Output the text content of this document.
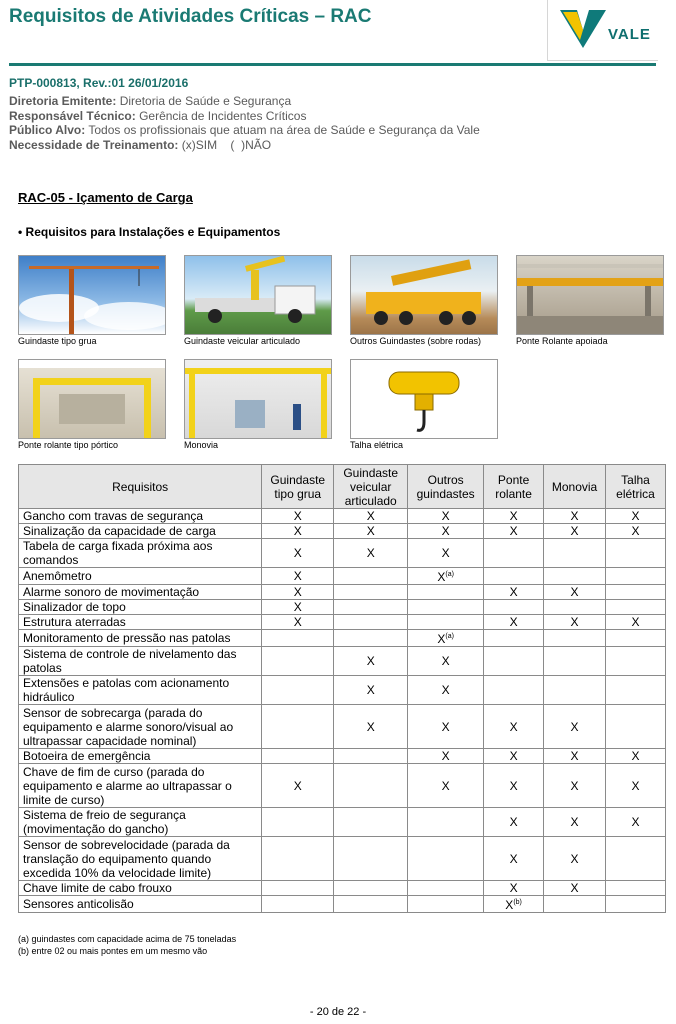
Requisitos de Atividades Críticas – RAC
VALE
PTP-000813, Rev.:01 26/01/2016
Diretoria Emitente: Diretoria de Saúde e Segurança
Responsável Técnico: Gerência de Incidentes Críticos
Público Alvo: Todos os profissionais que atuam na área de Saúde e Segurança da Vale
Necessidade de Treinamento: (x)SIM    (  )NÃO
RAC-05 - Içamento de Carga
• Requisitos para Instalações e Equipamentos
Guindaste tipo grua	Guindaste veicular articulado	Outros Guindastes (sobre rodas)	Ponte Rolante apoiada
Ponte rolante tipo pórtico	Monovia	Talha elétrica
Requisitos	Guindaste tipo grua	Guindaste veicular articulado	Outros guindastes	Ponte rolante	Monovia	Talha elétrica
Gancho com travas de segurança	X	X	X	X	X	X
Sinalização da capacidade de carga	X	X	X	X	X	X
Tabela de carga fixada próxima aos comandos	X	X	X			
Anemômetro	X		$X^{(a)}$			
Alarme sonoro de movimentação	X			X	X	
Sinalizador de topo	X					
Estrutura aterradas	X			X	X	X
Monitoramento de pressão nas patolas			$X^{(a)}$			
Sistema de controle de nivelamento das patolas		X	X			
Extensões e patolas com acionamento hidráulico		X	X			
Sensor de sobrecarga (parada do equipamento e alarme sonoro/visual ao ultrapassar capacidade nominal)		X	X	X	X	
Botoeira de emergência			X	X	X	X
Chave de fim de curso (parada do equipamento e alarme ao ultrapassar o limite de curso)	X		X	X	X	X
Sistema de freio de segurança (movimentação do gancho)				X	X	X
Sensor de sobrevelocidade (parada da translação do equipamento quando excedida 10% da velocidade limite)				X	X	
Chave limite de cabo frouxo				X	X	
Sensores anticolisão				$X^{(b)}$		
(a) guindastes com capacidade acima de 75 toneladas
(b) entre 02 ou mais pontes em um mesmo vão
- 20 de 22 -
